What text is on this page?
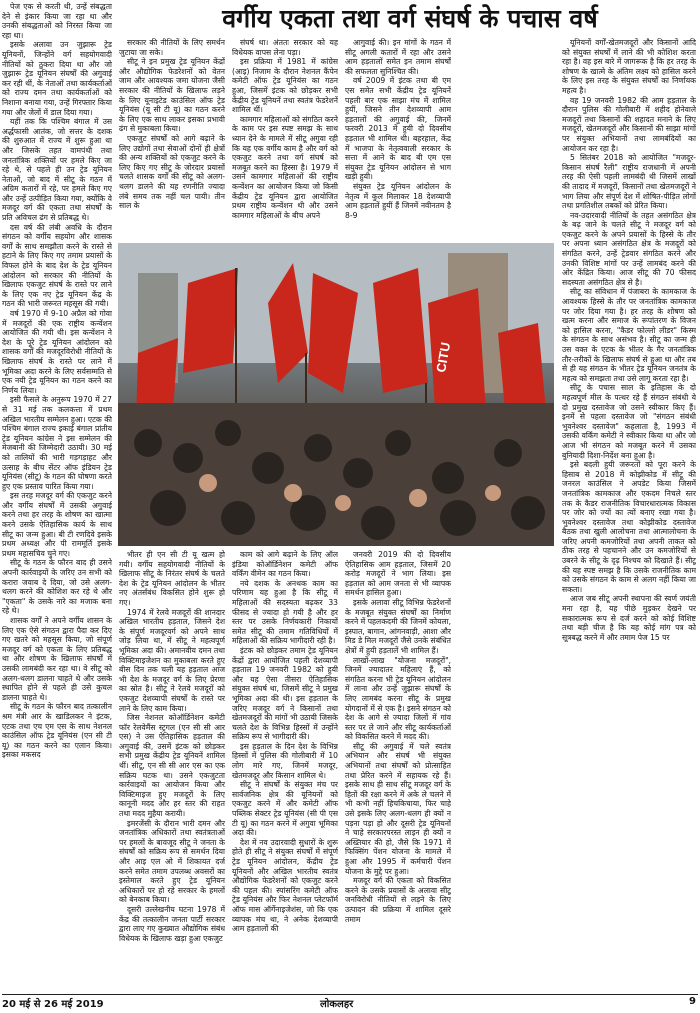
वर्गीय एकता तथा वर्ग संघर्ष के पचास वर्ष

पेज एक से करती थी, उन्हें संबद्धता देने से इंकार किया जा रहा था और उनकी संबद्धताओं को निरस्त किया जा रहा था।

इसके अलावा उन जुझारू ट्रेड यूनियनों, जिन्होंने वर्ग सहयोगवादी नीतियों को ठुकरा दिया था और जो जुझारू ट्रेड यूनियन संघर्षों की अगुवाई कर रही थीं, के नेताओं तथा कार्यकर्ताओं को राज्य दमन तथा कार्यकर्ताओं को निशाना बनाया गया, उन्हें गिरफ्तार किया गया और जेलों में डाल दिया गया।

यहीं तक कि पश्चिम बंगाल में उस अर्द्धफासी आतंक, जो सत्तर के दशक की शुरुआत में राज्य में शुरू हुआ था और जिसके तहत वामपंथी तथा जनतांत्रिक शक्तियों पर हमले किए जा रहे थे, से पहले ही उन ट्रेड यूनियन नेताओं, जो बाद में सीटू के गठन में अग्रिम कतारों में रहे, पर हमले किए गए और उन्हें उत्पीड़ित किया गया, क्योंकि वे मजदूर वर्ग की एकता तथा संघर्षों के प्रति अविचल ढंग से प्रतिबद्ध थे।

दस वर्ष की लंबी अवधि के दौरान संगठन को वर्गीय सहयोग और शासक वर्गों के साथ समझौता करने के रास्ते से हटाने के लिए किए गए तमाम प्रयासों के विफल होने के बाद देश के ट्रेड यूनियन आंदोलन को सरकार की नीतियों के खिलाफ एकजुट संघर्ष के रास्ते पर लाने के लिए एक नए ट्रेड यूनियन केंद्र के गठन की भारी जरूरत महसूस की गयी।

वर्ष 1970 में 9-10 अप्रैल को गोवा में मजदूरों की एक राष्ट्रीय कन्वेंशन आयोजित की गयी थी। इस कन्वेंशन ने देश के पूरे ट्रेड यूनियन आंदोलन को शासक वर्गों की मजदूरविरोधी नीतियों के खिलाफ संघर्ष के रास्ते पर लाने में भूमिका अदा करने के लिए सर्वसम्मति से एक नयी ट्रेड यूनियन का गठन करने का निर्णय लिया।

इसी फैसले के अनुरूप 1970 में 27 से 31 मई तक कलकत्ता में प्रथम अखिल भारतीय सम्मेलन हुआ। एटक की पश्चिम बंगाल राज्य इकाई बंगाल प्रांतीय ट्रेड यूनियन कांग्रेस ने इस सम्मेलन की मेजबानी की जिम्मेदारी उठायी। 30 मई को तालियों की भारी गड़गड़ाहट और उत्साह के बीच सेंटर ऑफ इंडियन ट्रेड यूनियंस (सीटू) के गठन की घोषणा करते हुए एक प्रस्ताव पारित किया गया।

इस तरह मजदूर वर्ग की एकजुट करने और वर्गीय संघर्षों में उसकी अगुवाई करने तथा हर तरह के शोषण का खात्मा करने उसके ऐतिहासिक कार्य के साथ सीटू का जन्म हुआ। बी टी रणदिवे इसके प्रथम अध्यक्ष और पी राममूर्ति इसके प्रथम महासचिव चुने गए।

सीटू के गठन के फौरन बाद ही उसने अपनी कार्रवाइयों के जरिए उन सभी को करारा जवाब दे दिया, जो उसे अलग-थलग करने की कोशिश कर रहे थे और "एकता" के उसके नारे का मजाक बना रहे थे।

शासक वर्गों ने अपने वर्गीय शासन के लिए एक ऐसे संगठन द्वारा पैदा कर दिए गए खतरे को महसूस किया, जो संपूर्ण मजदूर वर्ग को एकता के लिए प्रतिबद्ध था और शोषण के खिलाफ संघर्षों में उसकी लामबंदी कर रहा था। वे सीटू को अलग-थलग डालना चाहते थे और उसके स्थापित होने से पहले ही उसे कुचल डालना चाहते थे।

सीटू के गठन के फौरन बाद तत्कालीन श्रम मंत्री आर के खाडिलकर ने इंटक, एटक तथा एच एम एस के साथ नेशनल काउंसिल ऑफ ट्रेड यूनियंस (एन सी टी यू) का गठन करने का एलान किया। इसका मकसद

सरकार की नीतियों के लिए समर्थन जुटाया जा सके।

सीटू ने इन प्रमुख ट्रेड यूनियन केंद्रों और औद्योगिक फेडरेशनों को वेतन जाम और आवश्यक जमा योजना जैसी सरकार की नीतियों के खिलाफ लड़ने के लिए यूनाइटेड काउंसिल ऑफ ट्रेड यूनियंस (यू सी टी यू) का गठन करने के लिए एक साथ लाकर इसका प्रभावी ढंग से मुकाबला किया।

एकजुट संघर्षों को आगे बढ़ाने के लिए उद्योगों तथा सेवाओं दोनों ही क्षेत्रों की अन्य शक्तियों को एकजुट करने के लिए किए गए सीटू के जोरदार प्रयासों चलते शासक वर्गों की सीटू को अलग-थलग डालने की यह रणनीति ज्यादा लंबे समय तक नहीं चल पायी। तीन साल के

संघर्ष था। अंततः सरकार को यह विधेयक वापस लेना पड़ा।

इस प्रक्रिया में 1981 में कांग्रेस (आइ) निजाम के दौरान नेशनल कैंपेन कमेटी ऑफ ट्रेड यूनियंस का गठन हुआ, जिसमें इंटक को छोड़कर सभी केंद्रीय ट्रेड यूनियनें तथा स्वतंत्र फेडरेशनें शामिल थीं।

कामगार महिलाओं को संगठित करने के काम पर इस स्पष्ट समझ के साथ ध्यान देने के मामले में सीटू अगुवा रही कि यह एक वर्गीय काम है और वर्ग को एकजुट करने तथा वर्ग संघर्ष को मजबूत करने का हिस्सा है। 1979 में उसने कामगार महिलाओं की राष्ट्रीय कन्वेंशन का आयोजन किया जो किसी केंद्रीय ट्रेड यूनियन द्वारा आयोजित प्रथम राष्ट्रीय कन्वेंशन थी और उसने कामगार महिलाओं के बीच अपने

आगुवाई की। इन मांगों के गठन में सीटू अगली कतारों में रहा और उसने आम हड़तालों समेत इन तमाम संघर्षों की सफलता सुनिश्चित की।

वर्ष 2009 में इंटक तथा बी एम एस समेत सभी केंद्रीय ट्रेड यूनियनें पहली बार एक साझा मंच में शामिल हुयीं, जिसने तीन देशव्यापी आम हड़तालों की अगुवाई की, जिनमें फरवरी 2013 में हुयी दो दिवसीय हड़ताल भी शामिल थी। बहरहाल, केंद्र में भाजपा के नेतृत्ववाली सरकार के सत्ता में आने के बाद बी एम एस संयुक्त ट्रेड यूनियन आंदोलन से भाग खड़ी हुयी।

संयुक्त ट्रेड यूनियन आंदोलन के नेतृत्व में कुल मिलाकर 18 देशव्यापी आम हड़तालें हुयीं हैं जिनमें नवीनतम है 8-9

CITU

भीतर ही एन सी टी यू खत्म हो गयी। वर्गीय सहयोगवादी नीतियों के खिलाफ सीटू के निरंतर संघर्ष के चलते देश के ट्रेड यूनियन आंदोलन के भीतर नए अंतर्संबंध विकसित होने शुरू हो गए।

1974 में रेलवे मजदूरों की शानदार अखिल भारतीय हड़ताल, जिसने देश के संपूर्ण मजदूरवर्ग को अपने साथ जोड़ लिया था, में सीटू ने महत्वपूर्ण भूमिका अदा की। अमानवीय दमन तथा विक्टिमाइजेशन का मुकाबला करते हुए बीस दिन तक चली यह हड़ताल आज भी देश के मजदूर वर्ग के लिए प्रेरणा का स्रोत है। सीटू ने रेलवे मजदूरों को एकजुट देशव्यापी संघर्षों के रास्ते पर लाने के लिए काम किया।

जिस नेशनल कोऑर्डिनेशन कमेटी फॉर रेलवेमैंस स्ट्रगल (एन सी सी आर एस) ने उस ऐतिहासिक हड़ताल की अगुवाई की, उसमें इंटक को छोड़कर सभी प्रमुख केंद्रीय ट्रेड यूनियनें शामिल थीं। सीटू, एन सी सी आर एस का एक सक्रिय घटक था। उसने एकजुटता कार्रवाइयों का आयोजन किया और विक्टिमाइज हुए मजदूरों के लिए कानूनी मदद और हर स्तर की राहत तथा मदद मुहैया करायी।

इमरजेंसी के दौरान भारी दमन और जनतांत्रिक अधिकारों तथा स्वतंत्रताओं पर हमलों के बावजूद सीटू ने जनता के संघर्षों को सक्रिय रूप से समर्थन दिया और आइ एल ओ में शिकायत दर्ज करने समेत तमाम उपलब्ध अवसरों का इस्तेमाल करते हुए ट्रेड यूनियन अधिकारों पर हो रहे सरकार के हमलों को बेनकाब किया।

दूसरी उल्लेखनीय घटना 1978 में केंद्र की तत्कालीन जनता पार्टी सरकार द्वारा लाए गए कुख्यात औद्योगिक संबंध विधेयक के खिलाफ खड़ा हुआ एकजुट

काम को आगे बढ़ाने के लिए ऑल इंडिया कोऑर्डिनेशन कमेटी ऑफ वर्किंग वीमेन का गठन किया।

नये दशक के अनथक काम का परिणाम यह हुआ है कि सीटू में महिलाओं की सदस्यता बढ़कर 33 फीसद से ज्यादा हो गयी है और हर स्तर पर उसके निर्णयकारी निकायों समेत सीटू की तमाम गतिविधियों में महिलाओं की सक्रिय भागीदारी रही है।

इंटक को छोड़कर तमाम ट्रेड यूनियन केंद्रों द्वारा आयोजित पहली देशव्यापी हड़ताल 19 जनवरी 1982 को हुयी और यह ऐसा तीसरा ऐतिहासिक संयुक्त संघर्ष था, जिसमें सीटू ने प्रमुख भूमिका अदा की थी। इस हड़ताल के जरिए मजदूर वर्ग ने किसानों तथा खेतमजदूरों की मांगों भी उठायी जिसके चलते देश के विभिन्न हिस्सों में उन्होंने सक्रिय रूप से भागीदारी की।

इस हड़ताल के दिन देश के विभिन्न हिस्सों में पुलिस की गोलीबारी में 10 लोग मारे गए, जिनमें मजदूर, खेतमजदूर और किसान शामिल थे।

सीटू ने संघर्षों के संयुक्त मंच पर सार्वजनिक क्षेत्र की यूनियनों को एकजुट करने में और कमेटी ऑफ पब्लिक सेक्टर ट्रेड यूनियंस (सी पी एस टी यू) का गठन करने में अगुवा भूमिका अदा की।

देश में नव उदारवादी सुधारों के शुरू होते ही सीटू ने संयुक्त संघर्षों में संपूर्ण ट्रेड यूनियन आंदोलन, केंद्रीय ट्रेड यूनियनों और अखिल भारतीय स्वतंत्र औद्योगिक फेडरेशनों को एकजुट करने की पहल की। स्पांसरिंग कमेटी ऑफ ट्रेड यूनियंस और फिर नेशनल प्लेटफॉर्म ऑफ मास ऑर्गेनाइजेशंस, जो कि एक व्यापक मंच था, ने अनेक देशव्यापी आम हड़तालों की

जनवरी 2019 की दो दिवसीय ऐतिहासिक आम हड़ताल, जिसमें 20 करोड़ मजदूरों ने भाग लिया। इस हड़ताल को आम जनता से भी व्यापक समर्थन हासिल हुआ।

इसके अलावा सीटू विभिन्न फेडरेशनों के मजबूत संयुक्त संघर्षों का निर्माण करने में पहलकदमी की जिनमें कोयला, इस्पात, बागान, आंगनवाड़ी, आशा और मिड डे मिल मजदूरों जैसे उनके संबंधित क्षेत्रों में हुयी हड़तालें भी शामिल हैं।

लाखों-लाख "योजना मजदूरों", जिनमें ज्यादातर महिलाएं हैं, को संगठित करना भी ट्रेड यूनियन आंदोलन में लाना और उन्हें जुझारू संघर्षों के लिए लामबंद करना सीटू के प्रमुख योगदानों में से एक है। इसने संगठन को देश के आगे से ज्यादा जिलों में गांव स्तर पर ले जाने और सीटू कार्यकर्ताओं को विकसित करने में मदद की।

सीटू की अगुवाई में चले स्वतंत्र अभियान और संघर्ष भी संयुक्त अभियानों तथा संघर्षों को प्रोत्साहित तथा प्रेरित करने में सहायक रहे हैं। इसके साथ ही साथ सीटू मजदूर वर्ग के हितों की रक्षा करने में अके ले चलने में भी कभी नहीं हिचकिचाया, फिर चाहे उसे इसके लिए अलग-थलग ही क्यों न पड़ना पड़ा हो और दूसरी ट्रेड यूनियनों ने चाहे सरकारपरस्त लाइन ही क्यों न अख्तियार की हो, जैसे कि 1971 में फिक्सिंग पेंशन योजना के मामले में हुआ और 1995 में कर्मचारी पेंशन योजना के मुद्दे पर हुआ।

मजदूर वर्ग की एकता को विकसित करने के उसके प्रयासों के अलावा सीटू जनविरोधी नीतियों से लड़ने के लिए उत्पादन की प्रक्रिया में शामिल दूसरे तमाम

यूनियनों वर्गों-खेतमजदूरों और किसानों आदि को संयुक्त संघर्षों में लाने की भी कोशिश करता रहा है। वह इस बारे में जागरूक है कि हर तरह के शोषण के खात्मे के अंतिम लक्ष्य को हासिल करने के लिए इस तरह के संयुक्त संघर्षों का निर्णायक महत्व है।

वह 19 जनवरी 1982 की आम हड़ताल के दौरान पुलिस की गोलीबारी में शहीद होनेवाले मजदूरों तथा किसानों की शहादत मनाने के लिए मजदूरों, खेतमजदूरों और किसानों की साझा मांगों पर संयुक्त अभियानों तथा लामबंदियों का आयोजन कर रहा है।

5 सितंबर 2018 को आयोजित "मजदूर-किसान संघर्ष रैली" राष्ट्रीय राजधानी में अपनी तरह की ऐसी पहली लामबंदी थी जिसमें लाखों की तादाद में मजदूरों, किसानों तथा खेतमजदूरों ने भाग लिया और संपूर्ण देश में शोषित-पीड़ित लोगों तथा प्रगतिशील तबकों को प्रेरित किया।

नव-उदारवादी नीतियों के तहत असंगठित क्षेत्र के बढ़ जाने के चलते सीटू ने मजदूर वर्ग को एकजुट करने के अपने प्रयासों के हिस्से के तौर पर अपना ध्यान असंगठित क्षेत्र के मजदूरों को संगठित करने, उन्हें ट्रेडवार संगठित करने और उनकी विशिष्ट मांगों पर उन्हें लामबंद करने की ओर केंद्रित किया। आज सीटू की 70 फीसद सदस्यता असंगठित क्षेत्र से है।

सीटू का संविधान में पंजाबरा के कामकाज के आवश्यक हिस्से के तौर पर जनतांत्रिक कामकाज पर जोर दिया गया है। हर तरह के शोषण को खत्म करना और समाज के रूपांतरण के विजन को हासिल करना, "कैडर फोल्लो लीडर" किस्म के संगठन के साथ असंभव है। सीटू का जन्म ही उस वक्त के एटक के भीतर के गैर जनतांत्रिक तौर-तरीकों के खिलाफ संघर्ष से हुआ था और तब से ही यह संगठन के भीतर ट्रेड यूनियन जनतंत्र के महत्व को समझता तथा उसे लागू करता रहा है।

सीटू के पचास साल के इतिहास के दो महत्वपूर्ण मील के पत्थर रहे हैं संगठन संबंधी ये दो प्रमुख दस्तावेज जो उसने स्वीकार किए हैं। इनमें से पहला दस्तावेज जो "संगठन संबंधी भुवनेश्वर दस्तावेज" कहलाता है, 1993 में उसकी वर्किंग कमेटी ने स्वीकार किया था और जो आज भी संगठन को मजबूत करने में उसका बुनियादी दिशा-निर्देश बना हुआ है।

इसे बदली हुयी जरूरतों को पूरा करने के हिसाब से 2018 में कोझीकोड में सीटू की जनरल काउंसिल ने अपडेट किया जिसमें जनतांत्रिक कामकाज और एकदम निचले स्तर तक के कैडर राजनीतिक विचारधारात्मक विकास पर जोर को ज्यों का त्यों बनाए रखा गया है। भुवनेश्वर दस्तावेज तथा कोझीकोड दस्तावेज बैठक तथा खुली आलोचना तथा आत्मालोचना के जरिए अपनी कमजोरियों तथा अपनी ताकत को ठीक तरह से पहचानने और उन कमजोरियों से उबरने के सीटू के दृढ़ निश्चय को दिखाते हैं। सीटू की यह स्पष्ट समझ है कि उसके राजनीतिक काम को उसके संगठन के काम से अलग नहीं किया जा सकता।

आज जब सीटू अपनी स्थापना की स्वर्ण जयंती मना रहा है, यह पीछे मुड़कर देखने पर सकारात्मक रूप से दर्ज करने को कोई विशिष्ट तथा बड़ी चीज है कि यह कोई मांग पत्र को सूत्रबद्ध करने में और तमाम पेज 15 पर

20 मई से 26 मई 2019	लोकलहर	9
